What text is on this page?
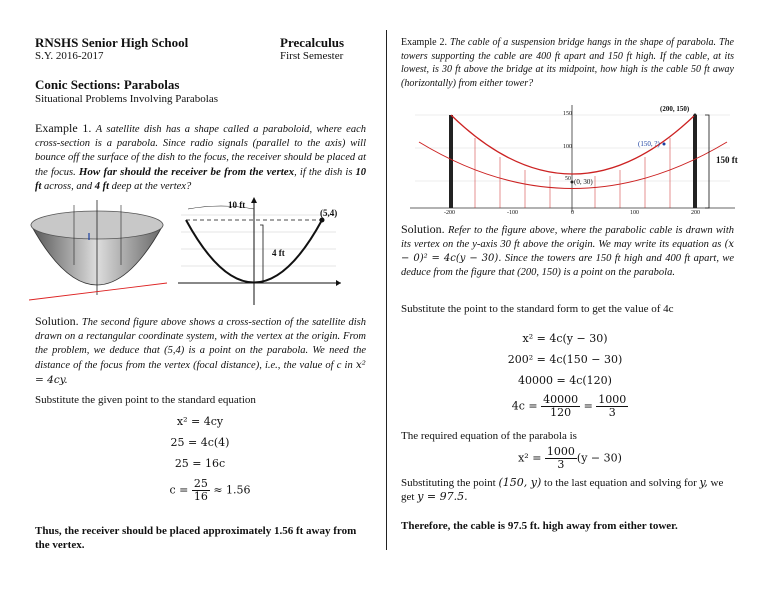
RNSHS Senior High School
S.Y. 2016-2017
Precalculus
First Semester
Conic Sections: Parabolas
Situational Problems Involving Parabolas
Example 1. A satellite dish has a shape called a paraboloid, where each cross-section is a parabola. Since radio signals (parallel to the axis) will bounce off the surface of the dish to the focus, the receiver should be placed at the focus. How far should the receiver be from the vertex, if the dish is 10 ft across, and 4 ft deep at the vertex?
10 ft
(5,4)
4 ft
Solution. The second figure above shows a cross-section of the satellite dish drawn on a rectangular coordinate system, with the vertex at the origin. From the problem, we deduce that (5,4) is a point on the parabola. We need the distance of the focus from the vertex (focal distance), i.e., the value of c in x² = 4cy.
Substitute the given point to the standard equation
x² = 4cy
25 = 4c(4)
25 = 16c
$c = \frac{25}{16} \approx 1.56$
Thus, the receiver should be placed approximately 1.56 ft away from the vertex.
Example 2. The cable of a suspension bridge hangs in the shape of parabola. The towers supporting the cable are 400 ft apart and 150 ft high. If the cable, at its lowest, is 30 ft above the bridge at its midpoint, how high is the cable 50 ft away (horizontally) from either tower?
(200, 150)
(150, ?)
(0, 30)
150 ft
150
100
50
-200	-100	0	100	200
Solution. Refer to the figure above, where the parabolic cable is drawn with its vertex on the y-axis 30 ft above the origin. We may write its equation as (x − 0)² = 4c(y − 30). Since the towers are 150 ft high and 400 ft apart, we deduce from the figure that (200, 150) is a point on the parabola.
Substitute the point to the standard form to get the value of 4c
x² = 4c(y − 30)
200² = 4c(150 − 30)
40000 = 4c(120)
$4c = \frac{40000}{120} = \frac{1000}{3}$
The required equation of the parabola is
$x^2 = \frac{1000}{3} (y - 30)$
Substituting the point (150, y) to the last equation and solving for y, we get y = 97.5.
Therefore, the cable is 97.5 ft. high away from either tower.
